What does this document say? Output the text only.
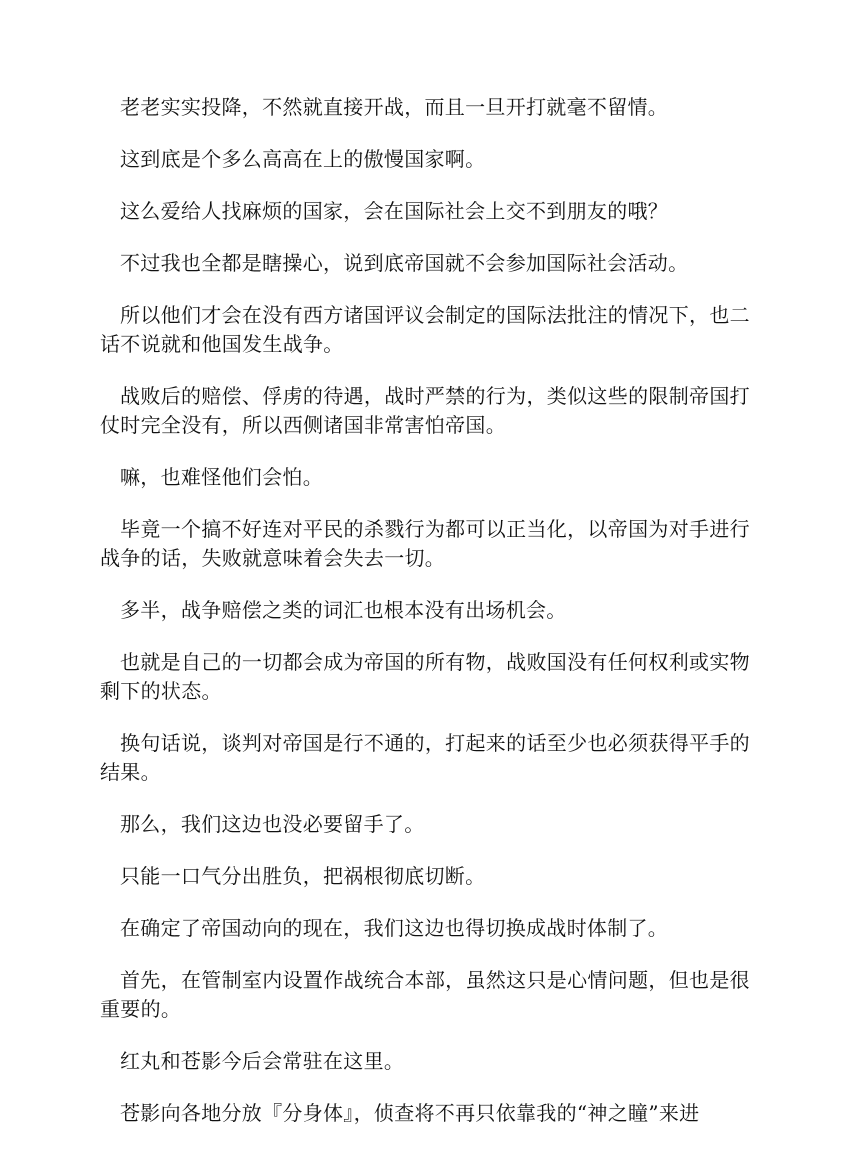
老老实实投降，不然就直接开战，而且一旦开打就毫不留情。

这到底是个多么高高在上的傲慢国家啊。

这么爱给人找麻烦的国家，会在国际社会上交不到朋友的哦？

不过我也全都是瞎操心，说到底帝国就不会参加国际社会活动。

所以他们才会在没有西方诸国评议会制定的国际法批注的情况下，也二话不说就和他国发生战争。

战败后的赔偿、俘虏的待遇，战时严禁的行为，类似这些的限制帝国打仗时完全没有，所以西侧诸国非常害怕帝国。

嘛，也难怪他们会怕。

毕竟一个搞不好连对平民的杀戮行为都可以正当化，以帝国为对手进行战争的话，失败就意味着会失去一切。

多半，战争赔偿之类的词汇也根本没有出场机会。

也就是自己的一切都会成为帝国的所有物，战败国没有任何权利或实物剩下的状态。

换句话说，谈判对帝国是行不通的，打起来的话至少也必须获得平手的结果。

那么，我们这边也没必要留手了。

只能一口气分出胜负，把祸根彻底切断。

在确定了帝国动向的现在，我们这边也得切换成战时体制了。

首先，在管制室内设置作战统合本部，虽然这只是心情问题，但也是很重要的。

红丸和苍影今后会常驻在这里。

苍影向各地分放『分身体』，侦查将不再只依靠我的“神之瞳”来进
